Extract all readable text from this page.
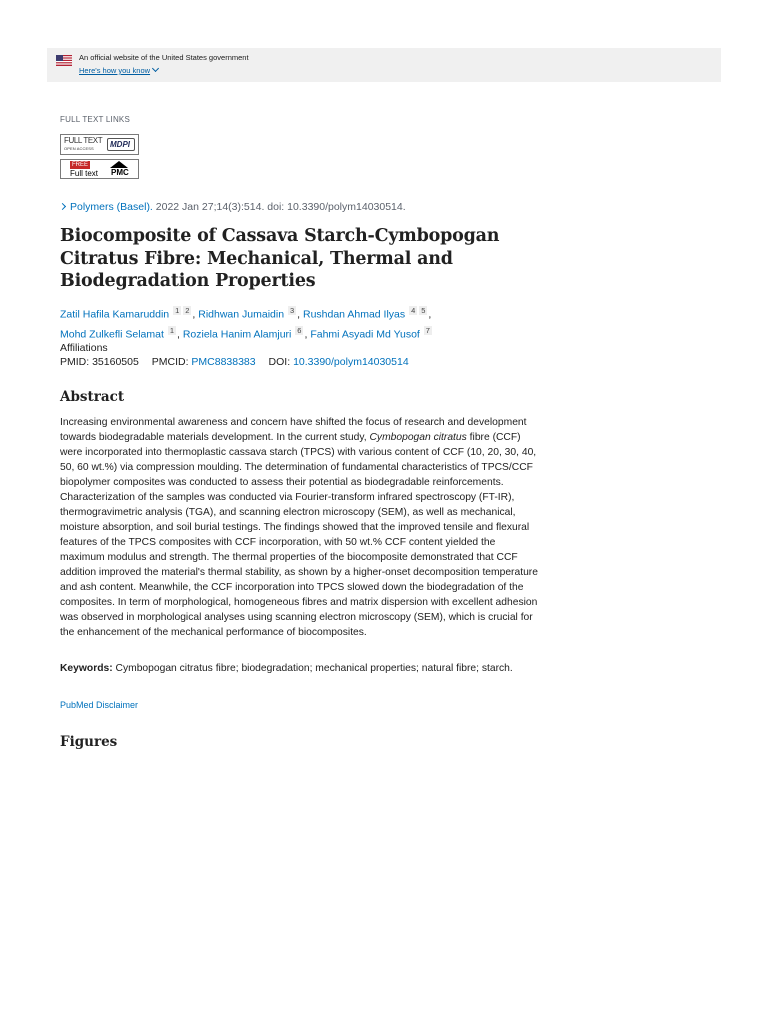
An official website of the United States government
Here's how you know
FULL TEXT LINKS
FULL TEXT
OPEN ACCESS MDPI
FREE
Full text PMC
Polymers (Basel). 2022 Jan 27;14(3):514. doi: 10.3390/polym14030514.
Biocomposite of Cassava Starch-Cymbopogan Citratus Fibre: Mechanical, Thermal and Biodegradation Properties
Zatil Hafila Kamaruddin $^1$ $^2$ , Ridhwan Jumaidin $^3$ , Rushdan Ahmad Ilyas $^4$ $^5$ ,
Mohd Zulkefli Selamat $^1$ , Roziela Hanim Alamjuri $^6$ , Fahmi Asyadi Md Yusof $^7$
Affiliations
PMID: 35160505 PMCID: PMC8838383 DOI: 10.3390/polym14030514
Abstract

Increasing environmental awareness and concern have shifted the focus of research and development towards biodegradable materials development. In the current study, Cymbopogan citratus fibre (CCF) were incorporated into thermoplastic cassava starch (TPCS) with various content of CCF (10, 20, 30, 40, 50, 60 wt.%) via compression moulding. The determination of fundamental characteristics of TPCS/CCF biopolymer composites was conducted to assess their potential as biodegradable reinforcements. Characterization of the samples was conducted via Fourier-transform infrared spectroscopy (FT-IR), thermogravimetric analysis (TGA), and scanning electron microscopy (SEM), as well as mechanical, moisture absorption, and soil burial testings. The findings showed that the improved tensile and flexural features of the TPCS composites with CCF incorporation, with 50 wt.% CCF content yielded the maximum modulus and strength. The thermal properties of the biocomposite demonstrated that CCF addition improved the material's thermal stability, as shown by a higher-onset decomposition temperature and ash content. Meanwhile, the CCF incorporation into TPCS slowed down the biodegradation of the composites. In term of morphological, homogeneous fibres and matrix dispersion with excellent adhesion was observed in morphological analyses using scanning electron microscopy (SEM), which is crucial for the enhancement of the mechanical performance of biocomposites.

Keywords: Cymbopogan citratus fibre; biodegradation; mechanical properties; natural fibre; starch.

PubMed Disclaimer
Figures
